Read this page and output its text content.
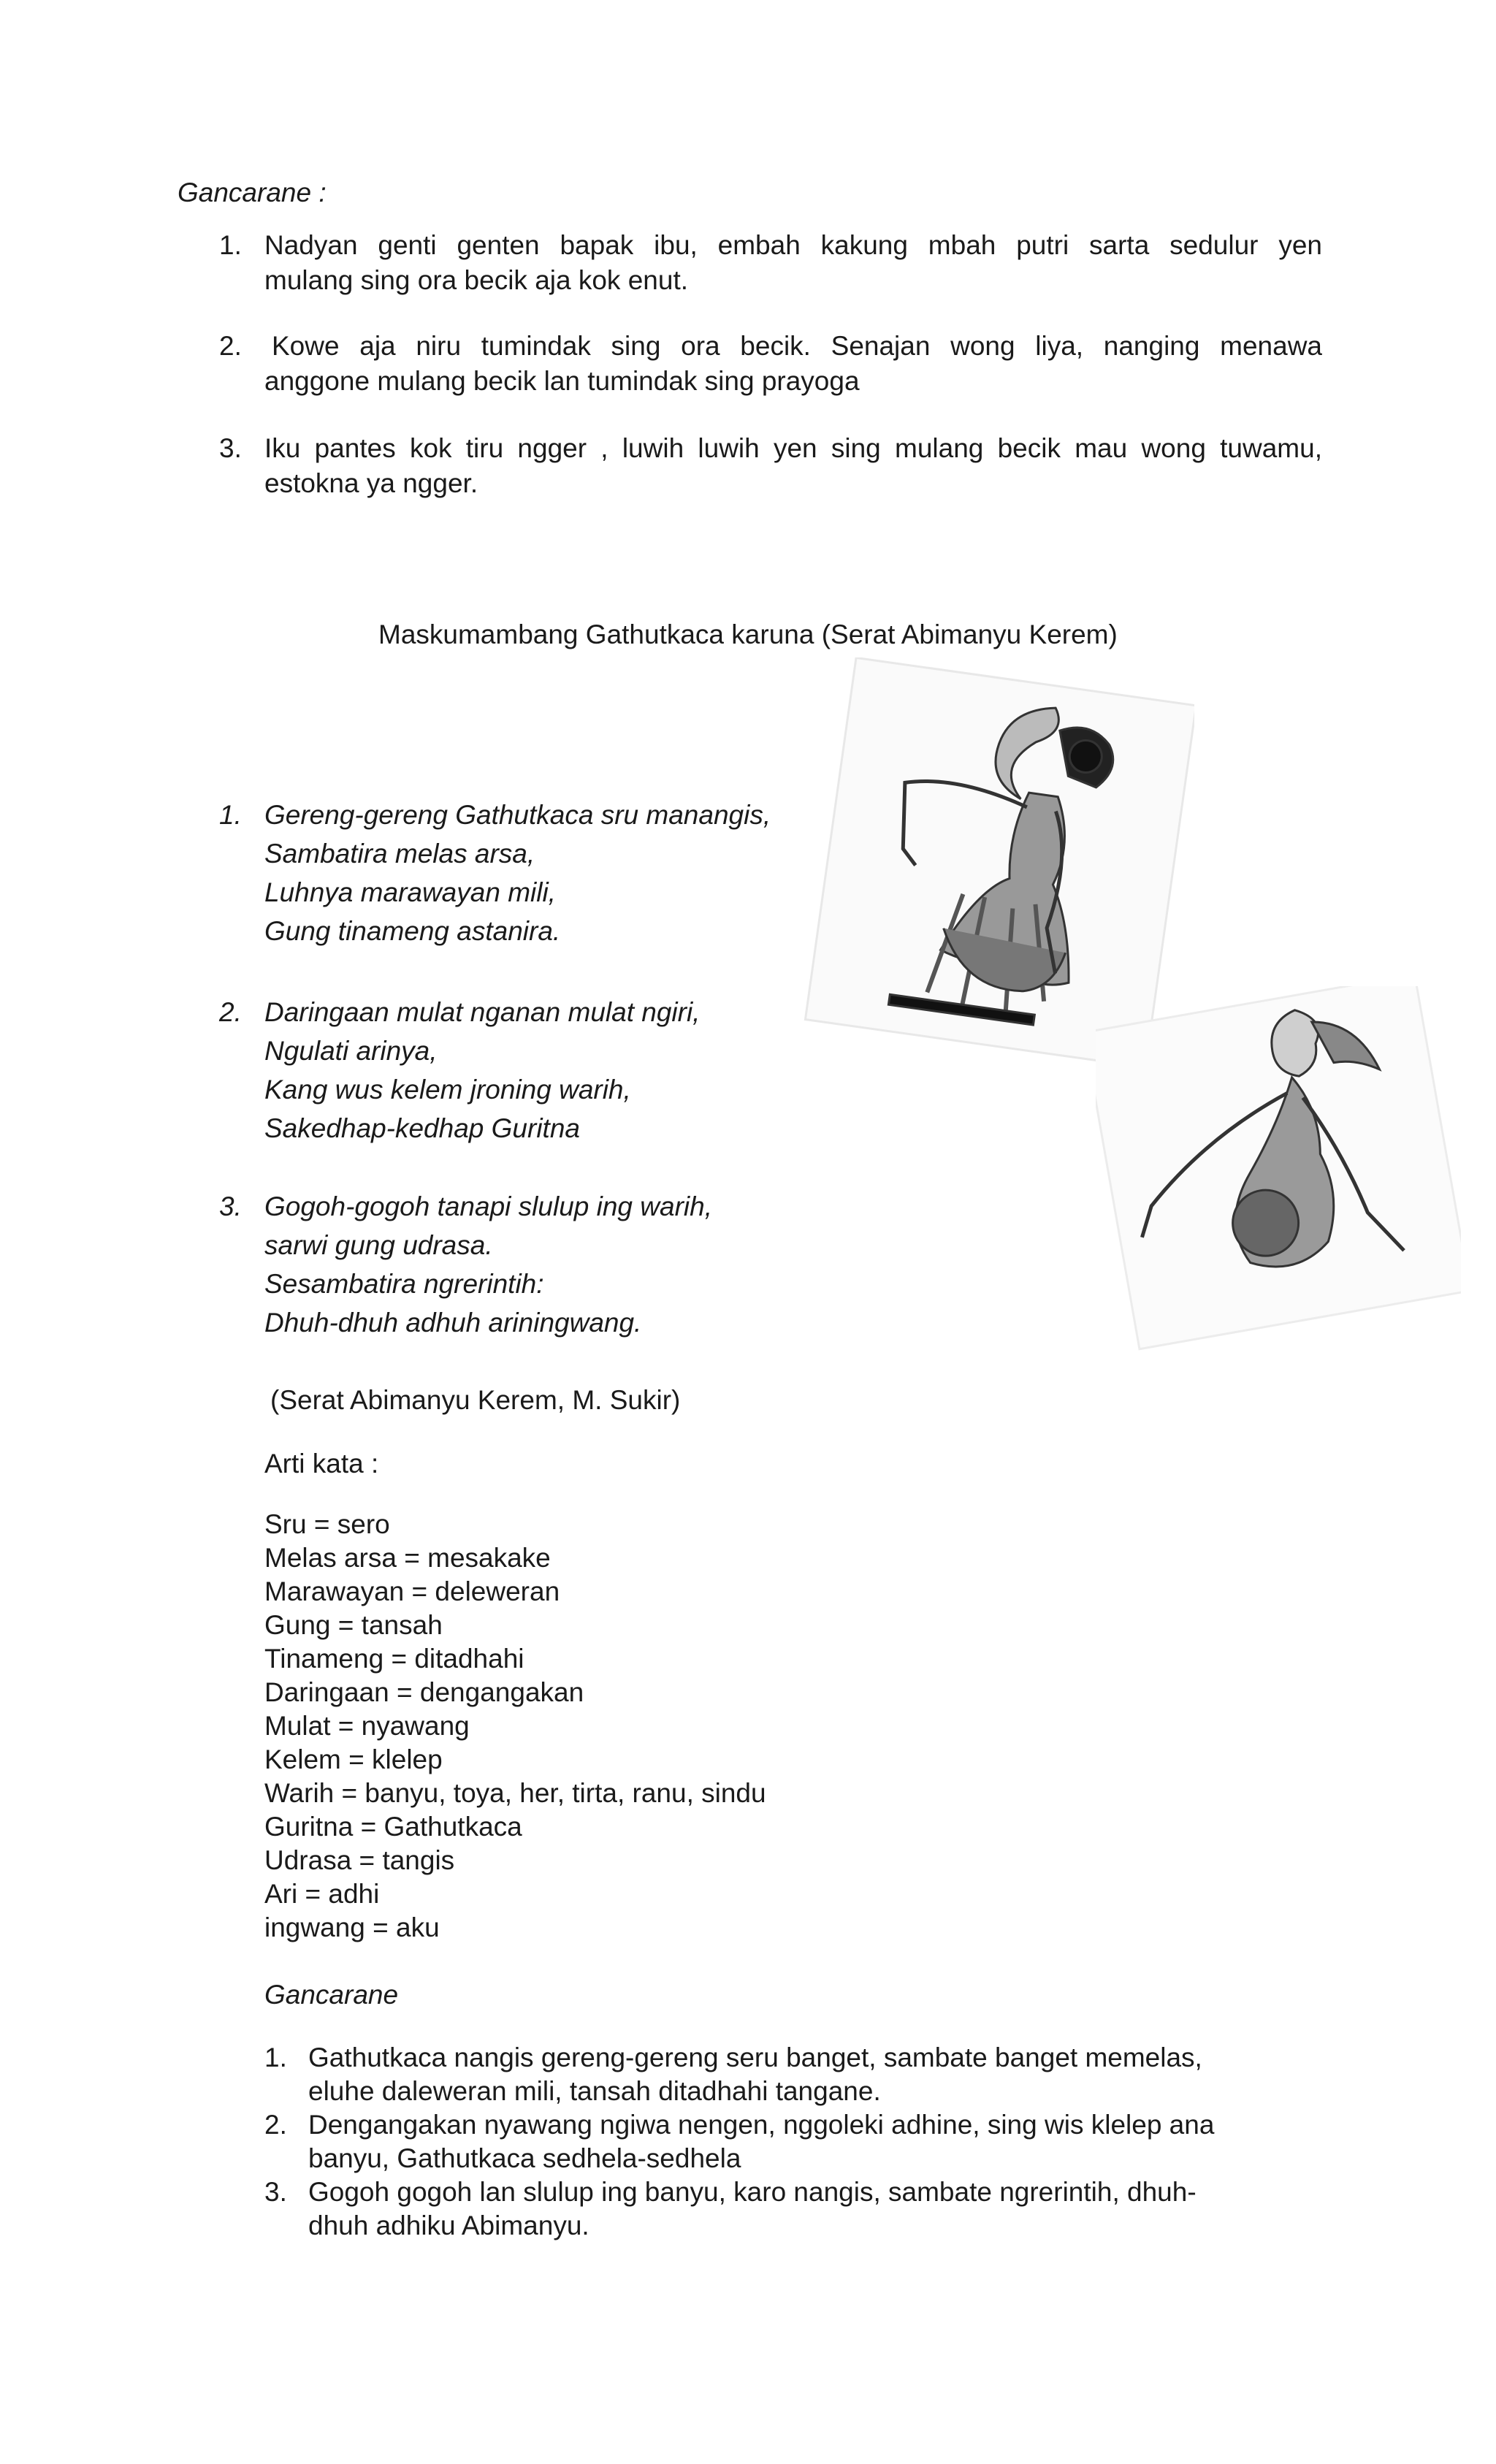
Gancarane :
1. Nadyan genti genten bapak ibu, embah kakung mbah putri sarta sedulur yen
mulang sing ora becik aja kok enut.
2. Kowe aja niru tumindak sing ora becik. Senajan wong liya, nanging menawa
anggone mulang becik lan tumindak sing prayoga
3. Iku pantes kok tiru ngger , luwih luwih yen sing mulang becik mau wong tuwamu,
estokna ya ngger.
Maskumambang Gathutkaca karuna (Serat Abimanyu Kerem)
1. Gereng-gereng Gathutkaca sru manangis,
Sambatira melas arsa,
Luhnya marawayan mili,
Gung tinameng astanira.
2. Daringaan mulat nganan mulat ngiri,
Ngulati arinya,
Kang wus kelem jroning warih,
Sakedhap-kedhap Guritna
3. Gogoh-gogoh tanapi slulup ing warih,
sarwi gung udrasa.
Sesambatira ngrerintih:
Dhuh-dhuh adhuh ariningwang.
(Serat Abimanyu Kerem, M. Sukir)
Arti kata :
Sru = sero
Melas arsa = mesakake
Marawayan = deleweran
Gung = tansah
Tinameng = ditadhahi
Daringaan = dengangakan
Mulat = nyawang
Kelem = klelep
Warih = banyu, toya, her, tirta, ranu, sindu
Guritna = Gathutkaca
Udrasa = tangis
Ari = adhi
ingwang = aku
Gancarane
1. Gathutkaca nangis gereng-gereng seru banget, sambate banget memelas,
eluhe daleweran mili, tansah ditadhahi tangane.
2. Dengangakan nyawang ngiwa nengen, nggoleki adhine, sing wis klelep ana
banyu, Gathutkaca sedhela-sedhela
3. Gogoh gogoh lan slulup ing banyu, karo nangis, sambate ngrerintih, dhuh-
dhuh adhiku Abimanyu.
